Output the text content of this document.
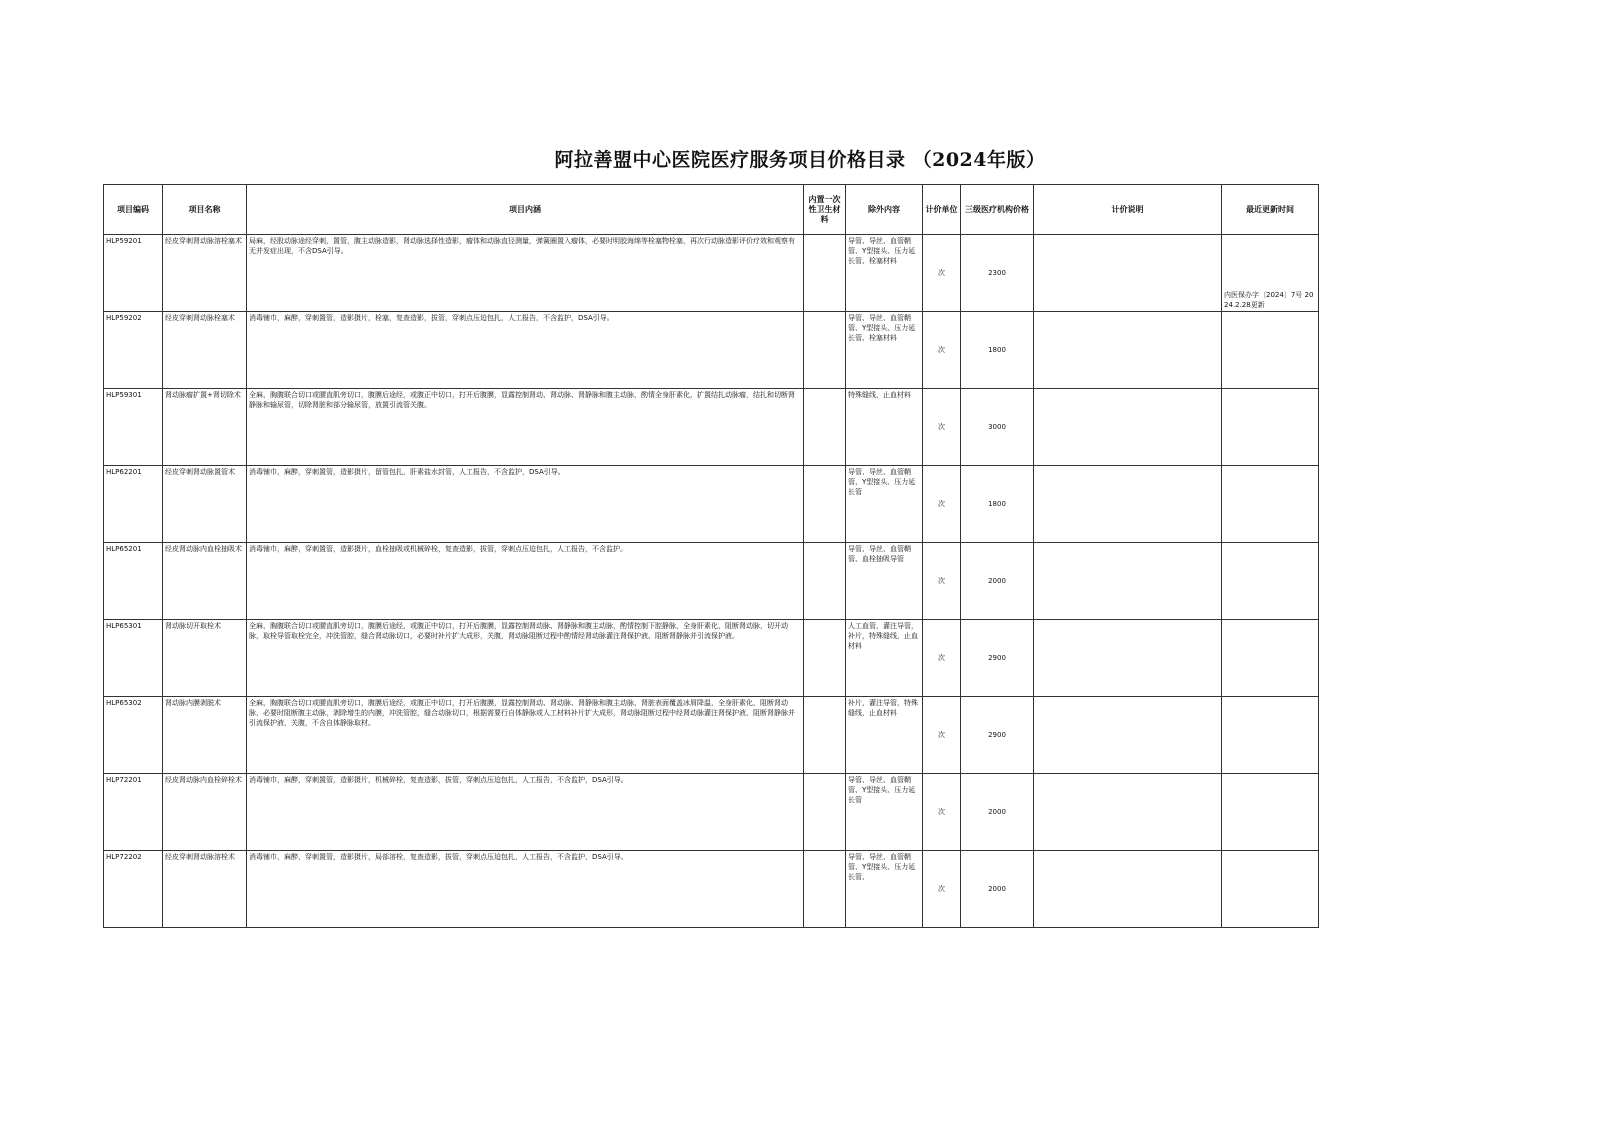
阿拉善盟中心医院医疗服务项目价格目录 （2024年版）
项目编码	项目名称	项目内涵	内置一次性卫生材料	除外内容	计价单位	三级医疗机构价格	计价说明	最近更新时间
HLP59201	经皮穿刺肾动脉溶栓塞术	局麻，经股动脉途经穿刺，置管，腹主动脉造影，肾动脉选择性造影，瘤体和动脉直径测量，弹簧圈置入瘤体，必要时明胶海绵等栓塞物栓塞，再次行动脉造影评价疗效和观察有无并发症出现，不含DSA引导。		导管、导丝、血管鞘管、Y型接头、压力延长管、栓塞材料	次	2300		内医保办字〔2024〕7号 2024.2.28更新
HLP59202	经皮穿刺肾动脉栓塞术	消毒铺巾，麻醉，穿刺置管，造影摄片，栓塞，复查造影，拔管，穿刺点压迫包扎，人工报告，不含监护，DSA引导。		导管、导丝、血管鞘管、Y型接头、压力延长管、栓塞材料	次	1800		
HLP59301	肾动脉瘤扩置+肾切除术	全麻，胸腹联合切口或腰直肌旁切口，腹膜后途经，或腹正中切口，打开后腹膜，显露控制肾动、肾动脉、肾静脉和腹主动脉，酌情全身肝素化，扩置结扎动脉瘤，结扎和切断肾静脉和输尿管，切除肾脏和部分输尿管，放置引流管关腹。		特殊缝线，止血材料	次	3000		
HLP62201	经皮穿刺肾动脉置管术	消毒铺巾，麻醉，穿刺置管，造影摄片，留管包扎，肝素盐水封管，人工报告，不含监护，DSA引导。		导管、导丝、血管鞘管、Y型接头、压力延长管	次	1800		
HLP65201	经皮肾动脉内血栓抽吸术	消毒铺巾，麻醉，穿刺置管，造影摄片，血栓抽吸或机械碎栓，复查造影，拔管，穿刺点压迫包扎，人工报告，不含监护。		导管、导丝、血管鞘管、血栓抽吸导管	次	2000		
HLP65301	肾动脉切开取栓术	全麻，胸腹联合切口或腰直肌旁切口，腹膜后途经，或腹正中切口，打开后腹膜，显露控制肾动脉、肾静脉和腹主动脉，酌情控制下腔静脉，全身肝素化，阻断肾动脉，切开动脉，取栓导管取栓完全，冲洗管腔，缝合肾动脉切口，必要时补片扩大成形，关腹，肾动脉阻断过程中酌情经肾动脉灌注肾保护液、阻断肾静脉并引流保护液。		人工血管，灌注导管，补片，特殊缝线，止血材料	次	2900		
HLP65302	肾动脉内膜剥脱术	全麻，胸腹联合切口或腰直肌旁切口，腹膜后途经，或腹正中切口，打开后腹膜，显露控制肾动、肾动脉、肾静脉和腹主动脉，肾脏表面覆盖冰屑降温，全身肝素化，阻断肾动脉，必要时阻断腹主动脉，剥除增生的内膜，冲洗管腔，缝合动脉切口，根据需要行自体静脉或人工材料补片扩大成形，肾动脉阻断过程中经肾动脉灌注肾保护液、阻断肾静脉并引流保护液，关腹，不含自体静脉取材。		补片，灌注导管，特殊缝线，止血材料	次	2900		
HLP72201	经皮肾动脉内血栓碎栓术	消毒铺巾，麻醉，穿刺置管，造影摄片，机械碎栓，复查造影，拔管，穿刺点压迫包扎，人工报告，不含监护，DSA引导。		导管、导丝、血管鞘管、Y型接头、压力延长管	次	2000		
HLP72202	经皮穿刺肾动脉溶栓术	消毒铺巾，麻醉，穿刺置管，造影摄片，局部溶栓，复查造影，拔管，穿刺点压迫包扎，人工报告，不含监护，DSA引导。		导管、导丝、血管鞘管、Y型接头、压力延长管、	次	2000		
